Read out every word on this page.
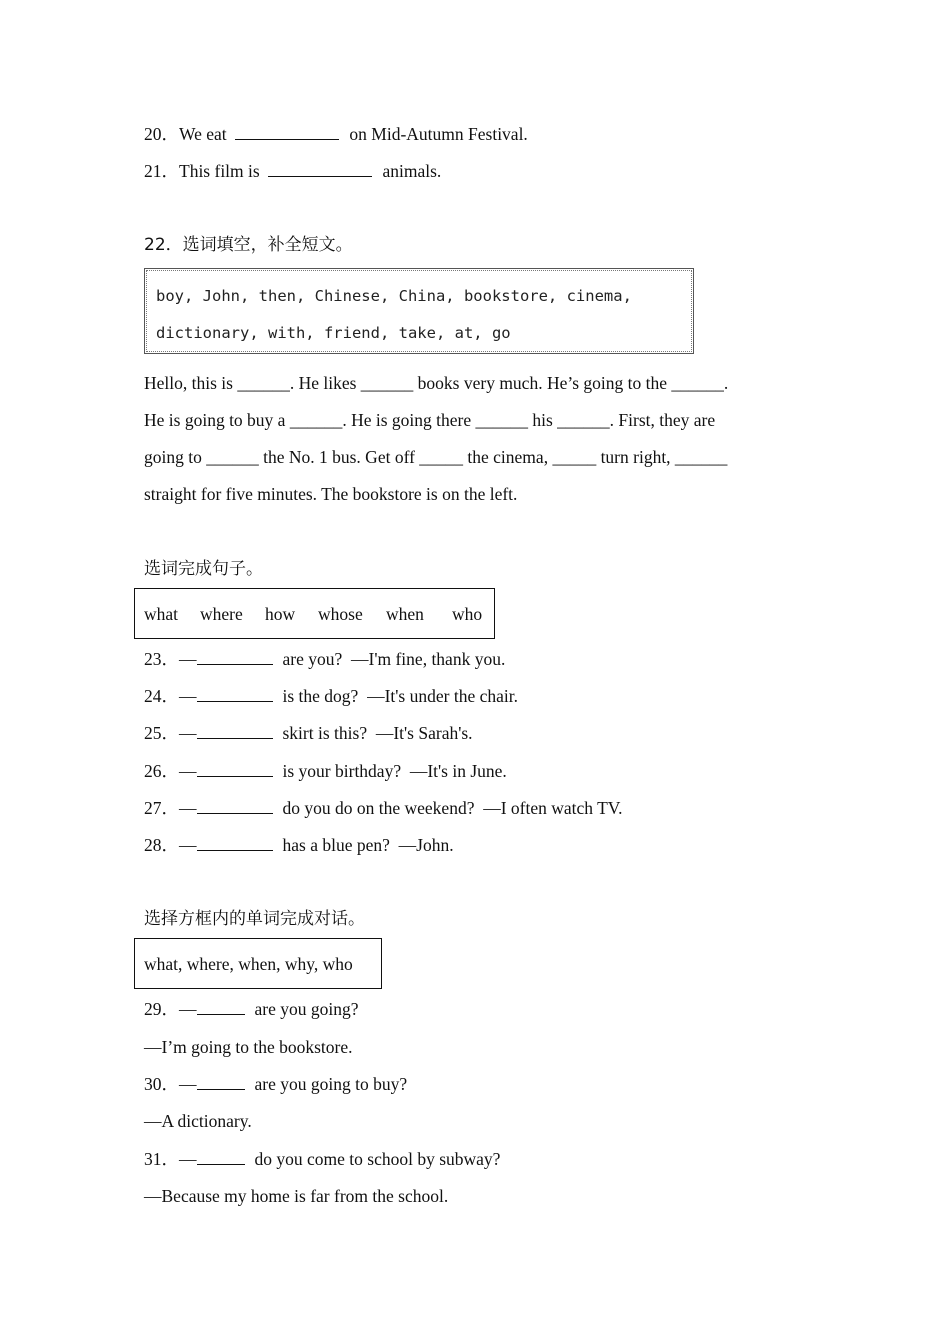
20．We eat	on Mid-Autumn Festival.
21．This film is	animals.
22．选词填空，补全短文。
boy, John, then, Chinese, China, bookstore, cinema,
dictionary, with, friend, take, at, go
Hello, this is ______. He likes ______ books very much. He’s going to the ______.
He is going to buy a ______. He is going there ______ his ______. First, they are
going to ______ the No. 1 bus. Get off _____ the cinema, _____ turn right, ______
straight for five minutes. The bookstore is on the left.
选词完成句子。
what where how whose when who
23．—	are you? —I'm fine, thank you.
24．—	is the dog? —It's under the chair.
25．—	skirt is this? —It's Sarah's.
26．—	is your birthday? —It's in June.
27．—	do you do on the weekend? —I often watch TV.
28．—	has a blue pen? —John.
选择方框内的单词完成对话。
what, where, when, why, who
29．—	are you going?
—I’m going to the bookstore.
30．—	are you going to buy?
—A dictionary.
31．—	do you come to school by subway?
—Because my home is far from the school.
